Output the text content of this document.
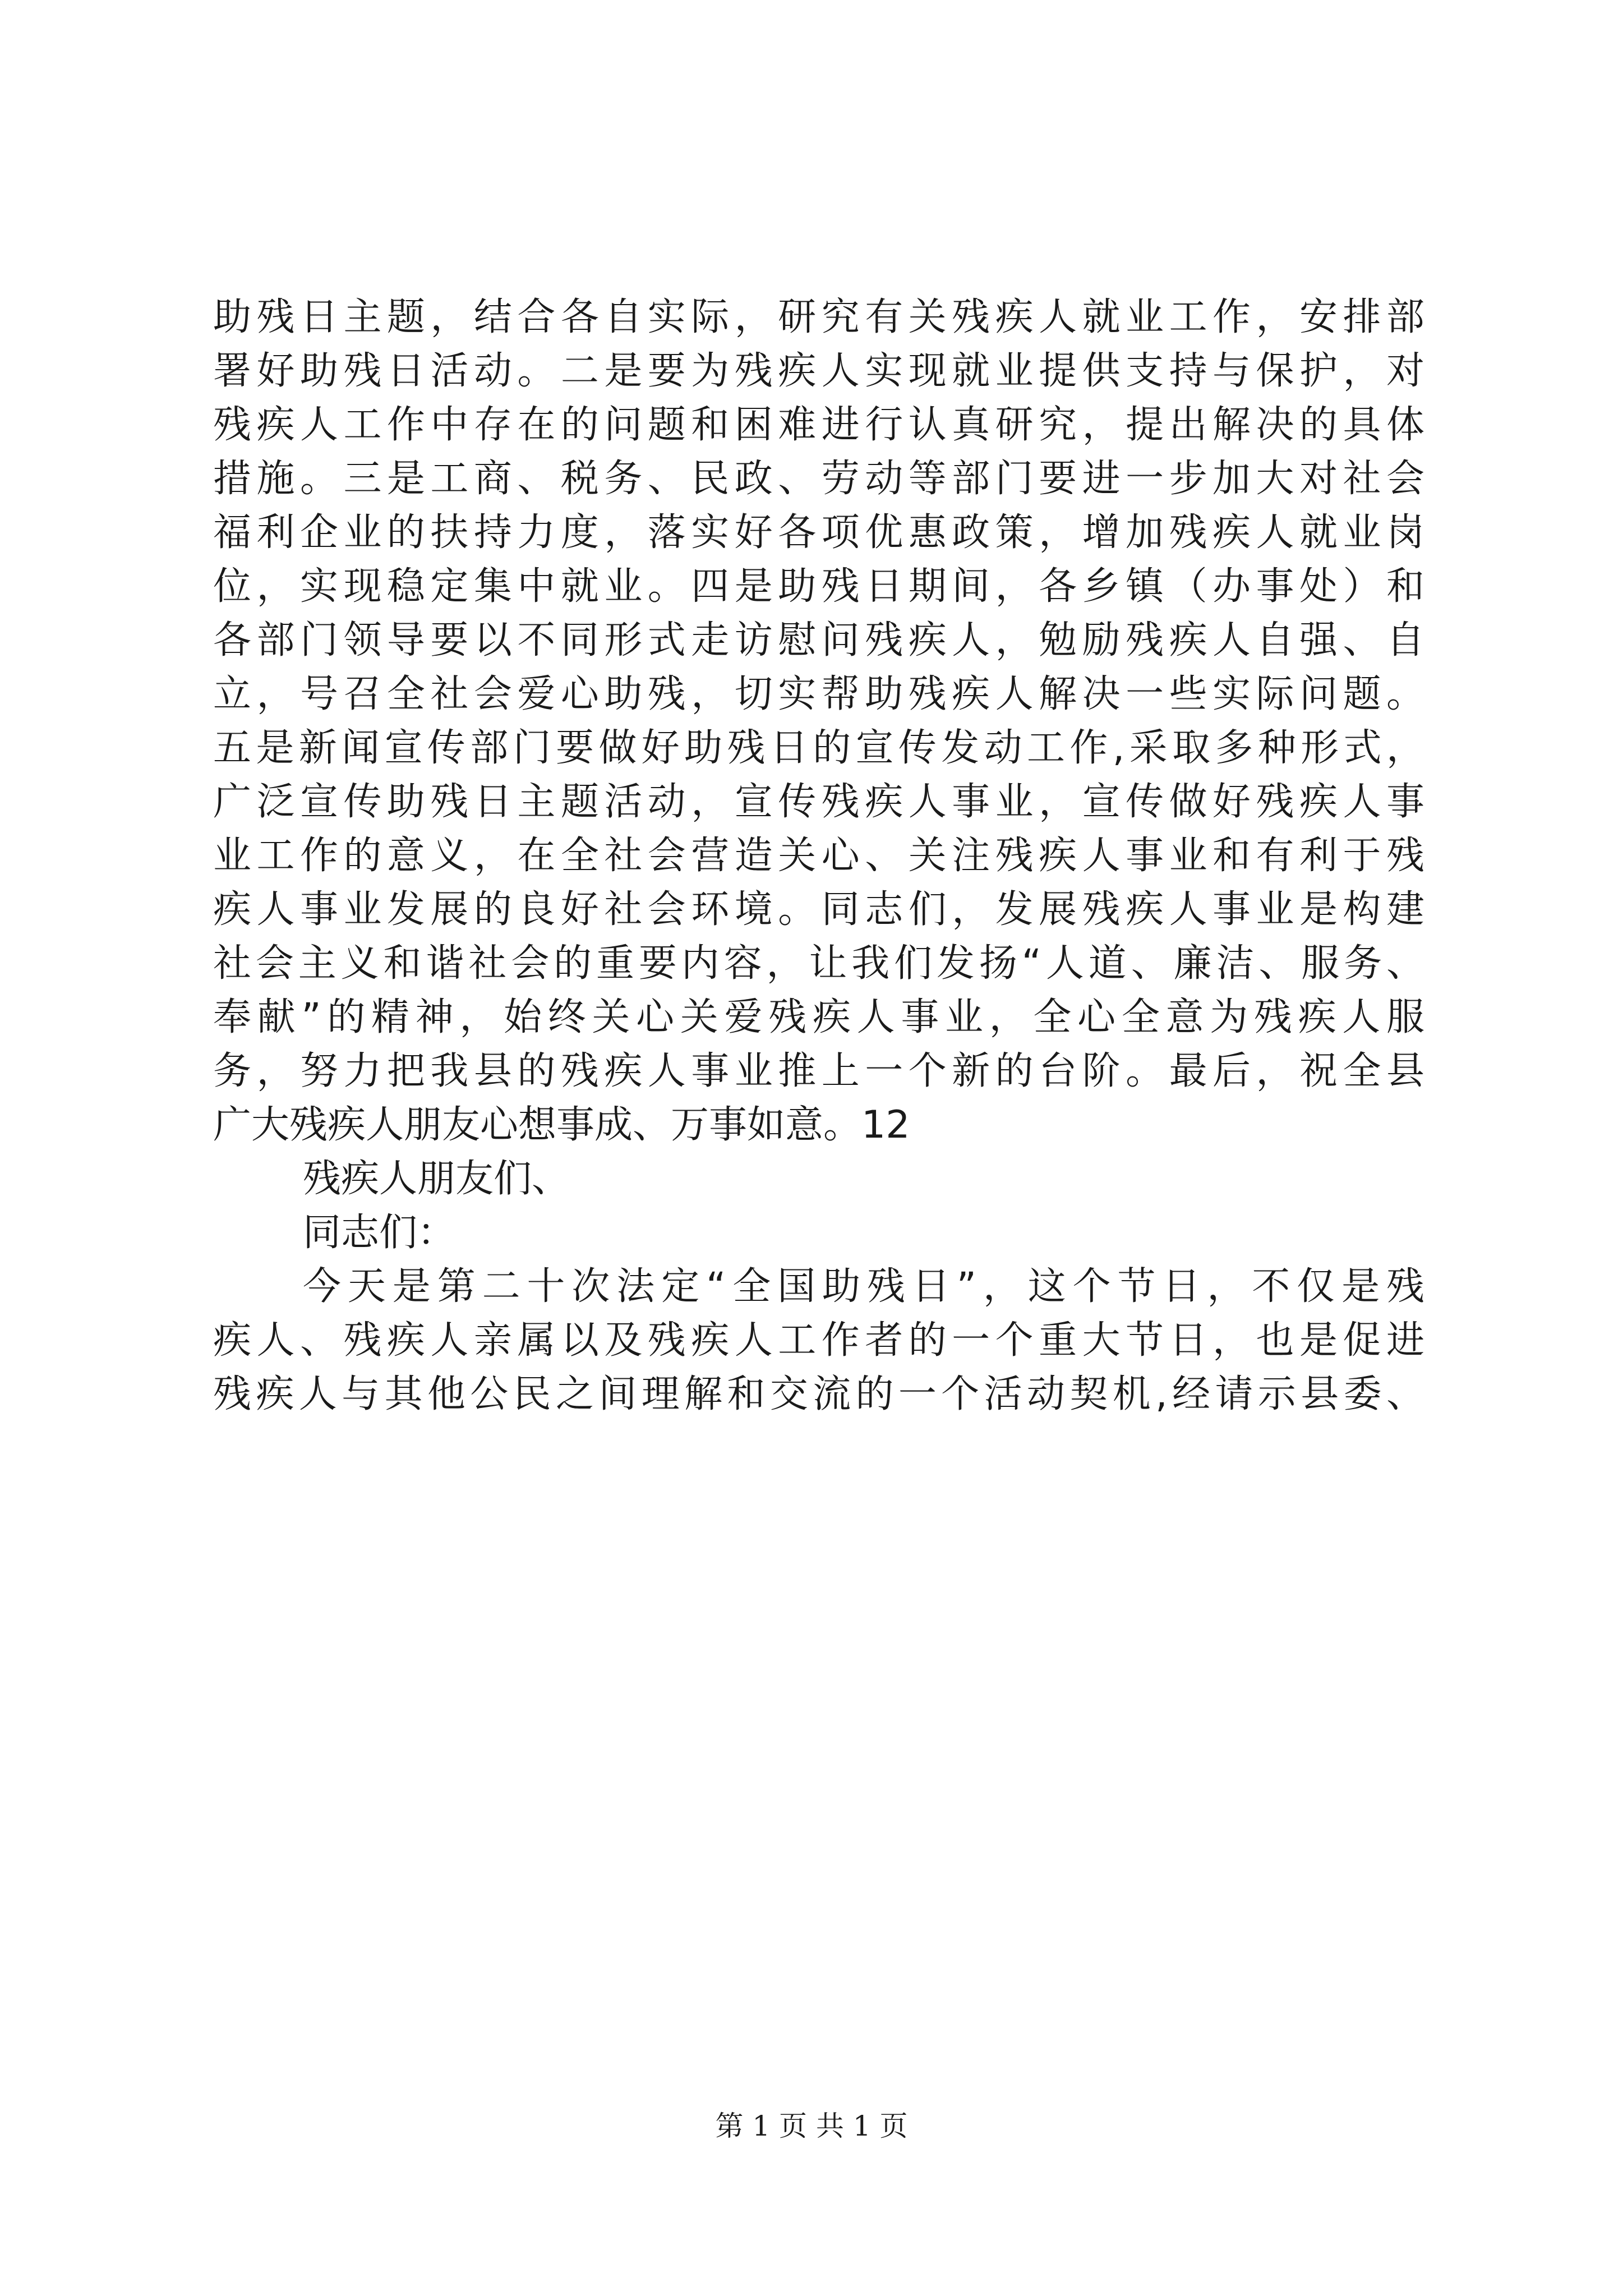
助残日主题，结合各自实际，研究有关残疾人就业工作，安排部
署好助残日活动。二是要为残疾人实现就业提供支持与保护，对
残疾人工作中存在的问题和困难进行认真研究，提出解决的具体
措施。三是工商、税务、民政、劳动等部门要进一步加大对社会
福利企业的扶持力度，落实好各项优惠政策，增加残疾人就业岗
位，实现稳定集中就业。四是助残日期间，各乡镇（办事处）和
各部门领导要以不同形式走访慰问残疾人，勉励残疾人自强、自
立，号召全社会爱心助残，切实帮助残疾人解决一些实际问题。
五是新闻宣传部门要做好助残日的宣传发动工作,采取多种形式，
广泛宣传助残日主题活动，宣传残疾人事业，宣传做好残疾人事
业工作的意义，在全社会营造关心、关注残疾人事业和有利于残
疾人事业发展的良好社会环境。同志们，发展残疾人事业是构建
社会主义和谐社会的重要内容，让我们发扬“人道、廉洁、服务、
奉献”的精神，始终关心关爱残疾人事业，全心全意为残疾人服
务，努力把我县的残疾人事业推上一个新的台阶。最后，祝全县
广大残疾人朋友心想事成、万事如意。12
残疾人朋友们、
同志们：
今天是第二十次法定“全国助残日”，这个节日，不仅是残
疾人、残疾人亲属以及残疾人工作者的一个重大节日，也是促进
残疾人与其他公民之间理解和交流的一个活动契机,经请示县委、
第 1 页 共 1 页
